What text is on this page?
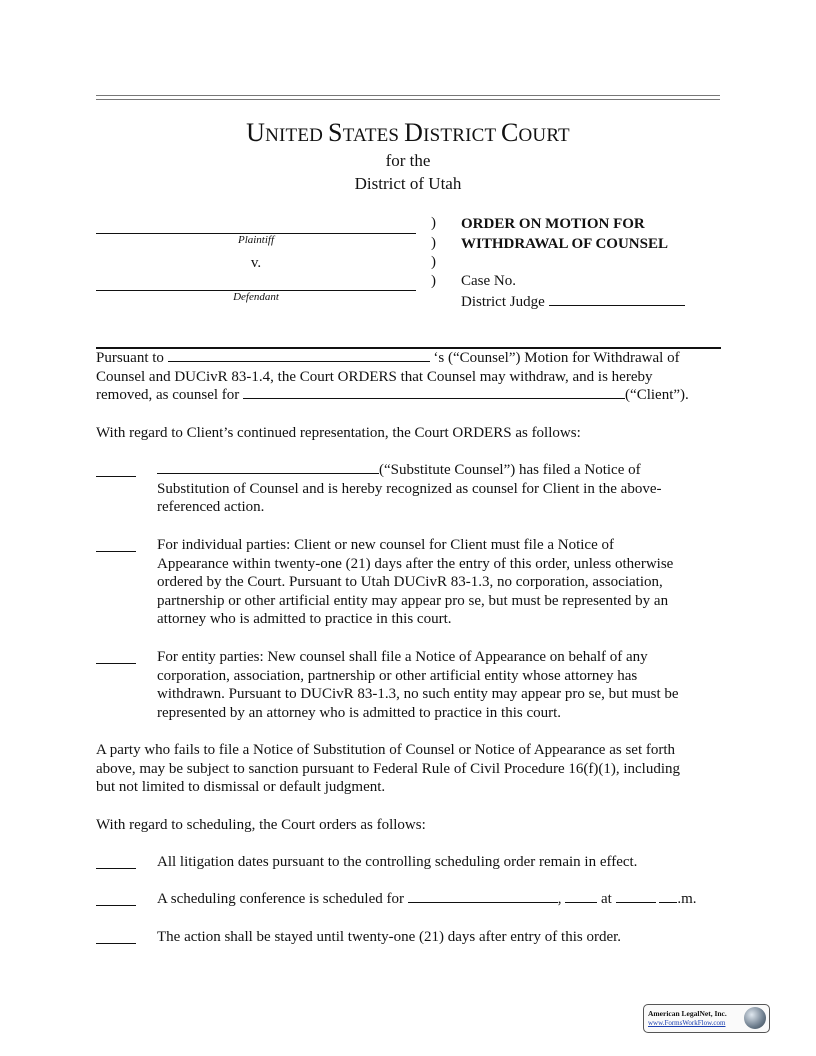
UNITED STATES DISTRICT COURT
for the
District of Utah
Plaintiff
v.
Defendant
)
)
)
)
ORDER ON MOTION FOR
WITHDRAWAL OF COUNSEL
Case No.
District Judge
Pursuant to	‘s (“Counsel”) Motion for Withdrawal of
Counsel and DUCivR 83-1.4, the Court ORDERS that Counsel may withdraw, and is hereby
removed, as counsel for	(“Client”).
With regard to Client’s continued representation, the Court ORDERS as follows:
(“Substitute Counsel”) has filed a Notice of
Substitution of Counsel and is hereby recognized as counsel for Client in the above-
referenced action.
For individual parties: Client or new counsel for Client must file a Notice of
Appearance within twenty-one (21) days after the entry of this order, unless otherwise
ordered by the Court. Pursuant to Utah DUCivR 83-1.3, no corporation, association,
partnership or other artificial entity may appear pro se, but must be represented by an
attorney who is admitted to practice in this court.
For entity parties: New counsel shall file a Notice of Appearance on behalf of any
corporation, association, partnership or other artificial entity whose attorney has
withdrawn. Pursuant to DUCivR 83-1.3, no such entity may appear pro se, but must be
represented by an attorney who is admitted to practice in this court.
A party who fails to file a Notice of Substitution of Counsel or Notice of Appearance as set forth
above, may be subject to sanction pursuant to Federal Rule of Civil Procedure 16(f)(1), including
but not limited to dismissal or default judgment.
With regard to scheduling, the Court orders as follows:
All litigation dates pursuant to the controlling scheduling order remain in effect.
A scheduling conference is scheduled for	,	at	.m.
The action shall be stayed until twenty-one (21) days after entry of this order.
American LegalNet, Inc.
www.FormsWorkFlow.com
